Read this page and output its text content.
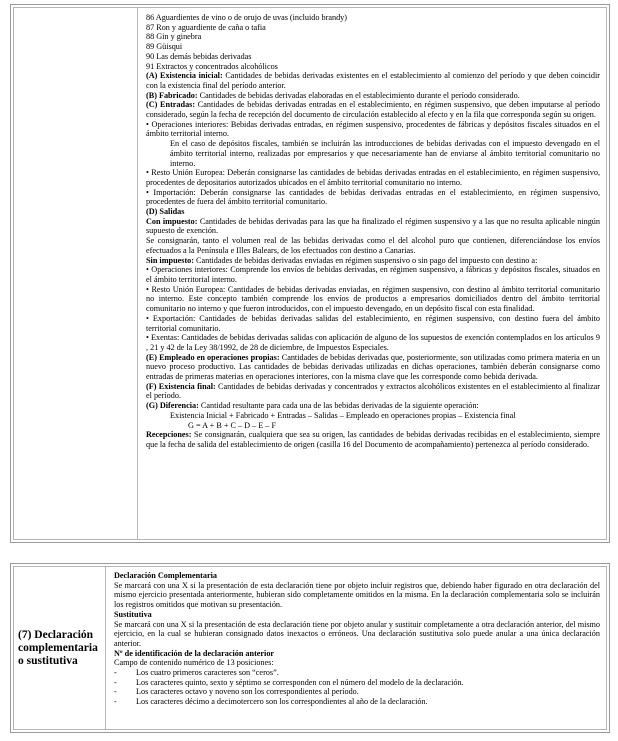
86 Aguardientes de vino o de orujo de uvas (incluido brandy)

87 Ron y aguardiente de caña o tafia

88 Gin y ginebra

89 Güisqui

90 Las demás bebidas derivadas

91 Extractos y concentrados alcohólicos

(A) Existencia inicial: Cantidades de bebidas derivadas existentes en el establecimiento al comienzo del período y que deben coincidir con la existencia final del período anterior.

(B) Fabricado: Cantidades de bebidas derivadas elaboradas en el establecimiento durante el período considerado.

(C) Entradas: Cantidades de bebidas derivadas entradas en el establecimiento, en régimen suspensivo, que deben imputarse al período considerado, según la fecha de recepción del documento de circulación establecido al efecto y en la fila que corresponda según su origen.

• Operaciones interiores: Bebidas derivadas entradas, en régimen suspensivo, procedentes de fábricas y depósitos fiscales situados en el ámbito territorial interno.

En el caso de depósitos fiscales, también se incluirán las introducciones de bebidas derivadas con el impuesto devengado en el ámbito territorial interno, realizadas por empresarios y que necesariamente han de enviarse al ámbito territorial comunitario no interno.

• Resto Unión Europea: Deberán consignarse las cantidades de bebidas derivadas entradas en el establecimiento, en régimen suspensivo, procedentes de depositarios autorizados ubicados en el ámbito territorial comunitario no interno.

• Importación: Deberán consignarse las cantidades de bebidas derivadas entradas en el establecimiento, en régimen suspensivo, procedentes de fuera del ámbito territorial comunitario.

(D) Salidas

Con impuesto: Cantidades de bebidas derivadas para las que ha finalizado el régimen suspensivo y a las que no resulta aplicable ningún supuesto de exención.

Se consignarán, tanto el volumen real de las bebidas derivadas como el del alcohol puro que contienen, diferenciándose los envíos efectuados a la Península e Illes Balears, de los efectuados con destino a Canarias.

Sin impuesto: Cantidades de bebidas derivadas enviadas en régimen suspensivo o sin pago del impuesto con destino a:

• Operaciones interiores: Comprende los envíos de bebidas derivadas, en régimen suspensivo, a fábricas y depósitos fiscales, situados en el ámbito territorial interno.

• Resto Unión Europea: Cantidades de bebidas derivadas enviadas, en régimen suspensivo, con destino al ámbito territorial comunitario no interno. Este concepto también comprende los envíos de productos a empresarios domiciliados dentro del ámbito territorial comunitario no interno y que fueron introducidos, con el impuesto devengado, en un depósito fiscal con esta finalidad.

• Exportación: Cantidades de bebidas derivadas salidas del establecimiento, en régimen suspensivo, con destino fuera del ámbito territorial comunitario.

• Exentas: Cantidades de bebidas derivadas salidas con aplicación de alguno de los supuestos de exención contemplados en los artículos 9 , 21 y 42 de la Ley 38/1992, de 28 de diciembre, de Impuestos Especiales.

(E) Empleado en operaciones propias: Cantidades de bebidas derivadas que, posteriormente, son utilizadas como primera materia en un nuevo proceso productivo. Las cantidades de bebidas derivadas utilizadas en dichas operaciones, también deberán consignarse como entradas de primeras materias en operaciones interiores, con la misma clave que les corresponde como bebida derivada.

(F) Existencia final: Cantidades de bebidas derivadas y concentrados y extractos alcohólicos existentes en el establecimiento al finalizar el período.

(G) Diferencia: Cantidad resultante para cada una de las bebidas derivadas de la siguiente operación:

Existencia Inicial + Fabricado + Entradas – Salidas – Empleado en operaciones propias – Existencia final

G = A + B + C – D – E – F

Recepciones: Se consignarán, cualquiera que sea su origen, las cantidades de bebidas derivadas recibidas en el establecimiento, siempre que la fecha de salida del establecimiento de origen (casilla 16 del Documento de acompañamiento) pertenezca al período considerado.

(7) Declaración complementaria o sustitutiva

Declaración Complementaria

Se marcará con una X si la presentación de esta declaración tiene por objeto incluir registros que, debiendo haber figurado en otra declaración del mismo ejercicio presentada anteriormente, hubieran sido completamente omitidos en la misma. En la declaración complementaria solo se incluirán los registros omitidos que motivan su presentación.

Sustitutiva

Se marcará con una X si la presentación de esta declaración tiene por objeto anular y sustituir completamente a otra declaración anterior, del mismo ejercicio, en la cual se hubieran consignado datos inexactos o erróneos. Una declaración sustitutiva solo puede anular a una única declaración anterior.

Nº de identificación de la declaración anterior

Campo de contenido numérico de 13 posiciones:

-	Los cuatro primeros caracteres son “ceros”.
-	Los caracteres quinto, sexto y séptimo se corresponden con el número del modelo de la declaración.
-	Los caracteres octavo y noveno son los correspondientes al período.
-	Los caracteres décimo a decimotercero son los correspondientes al año de la declaración.
